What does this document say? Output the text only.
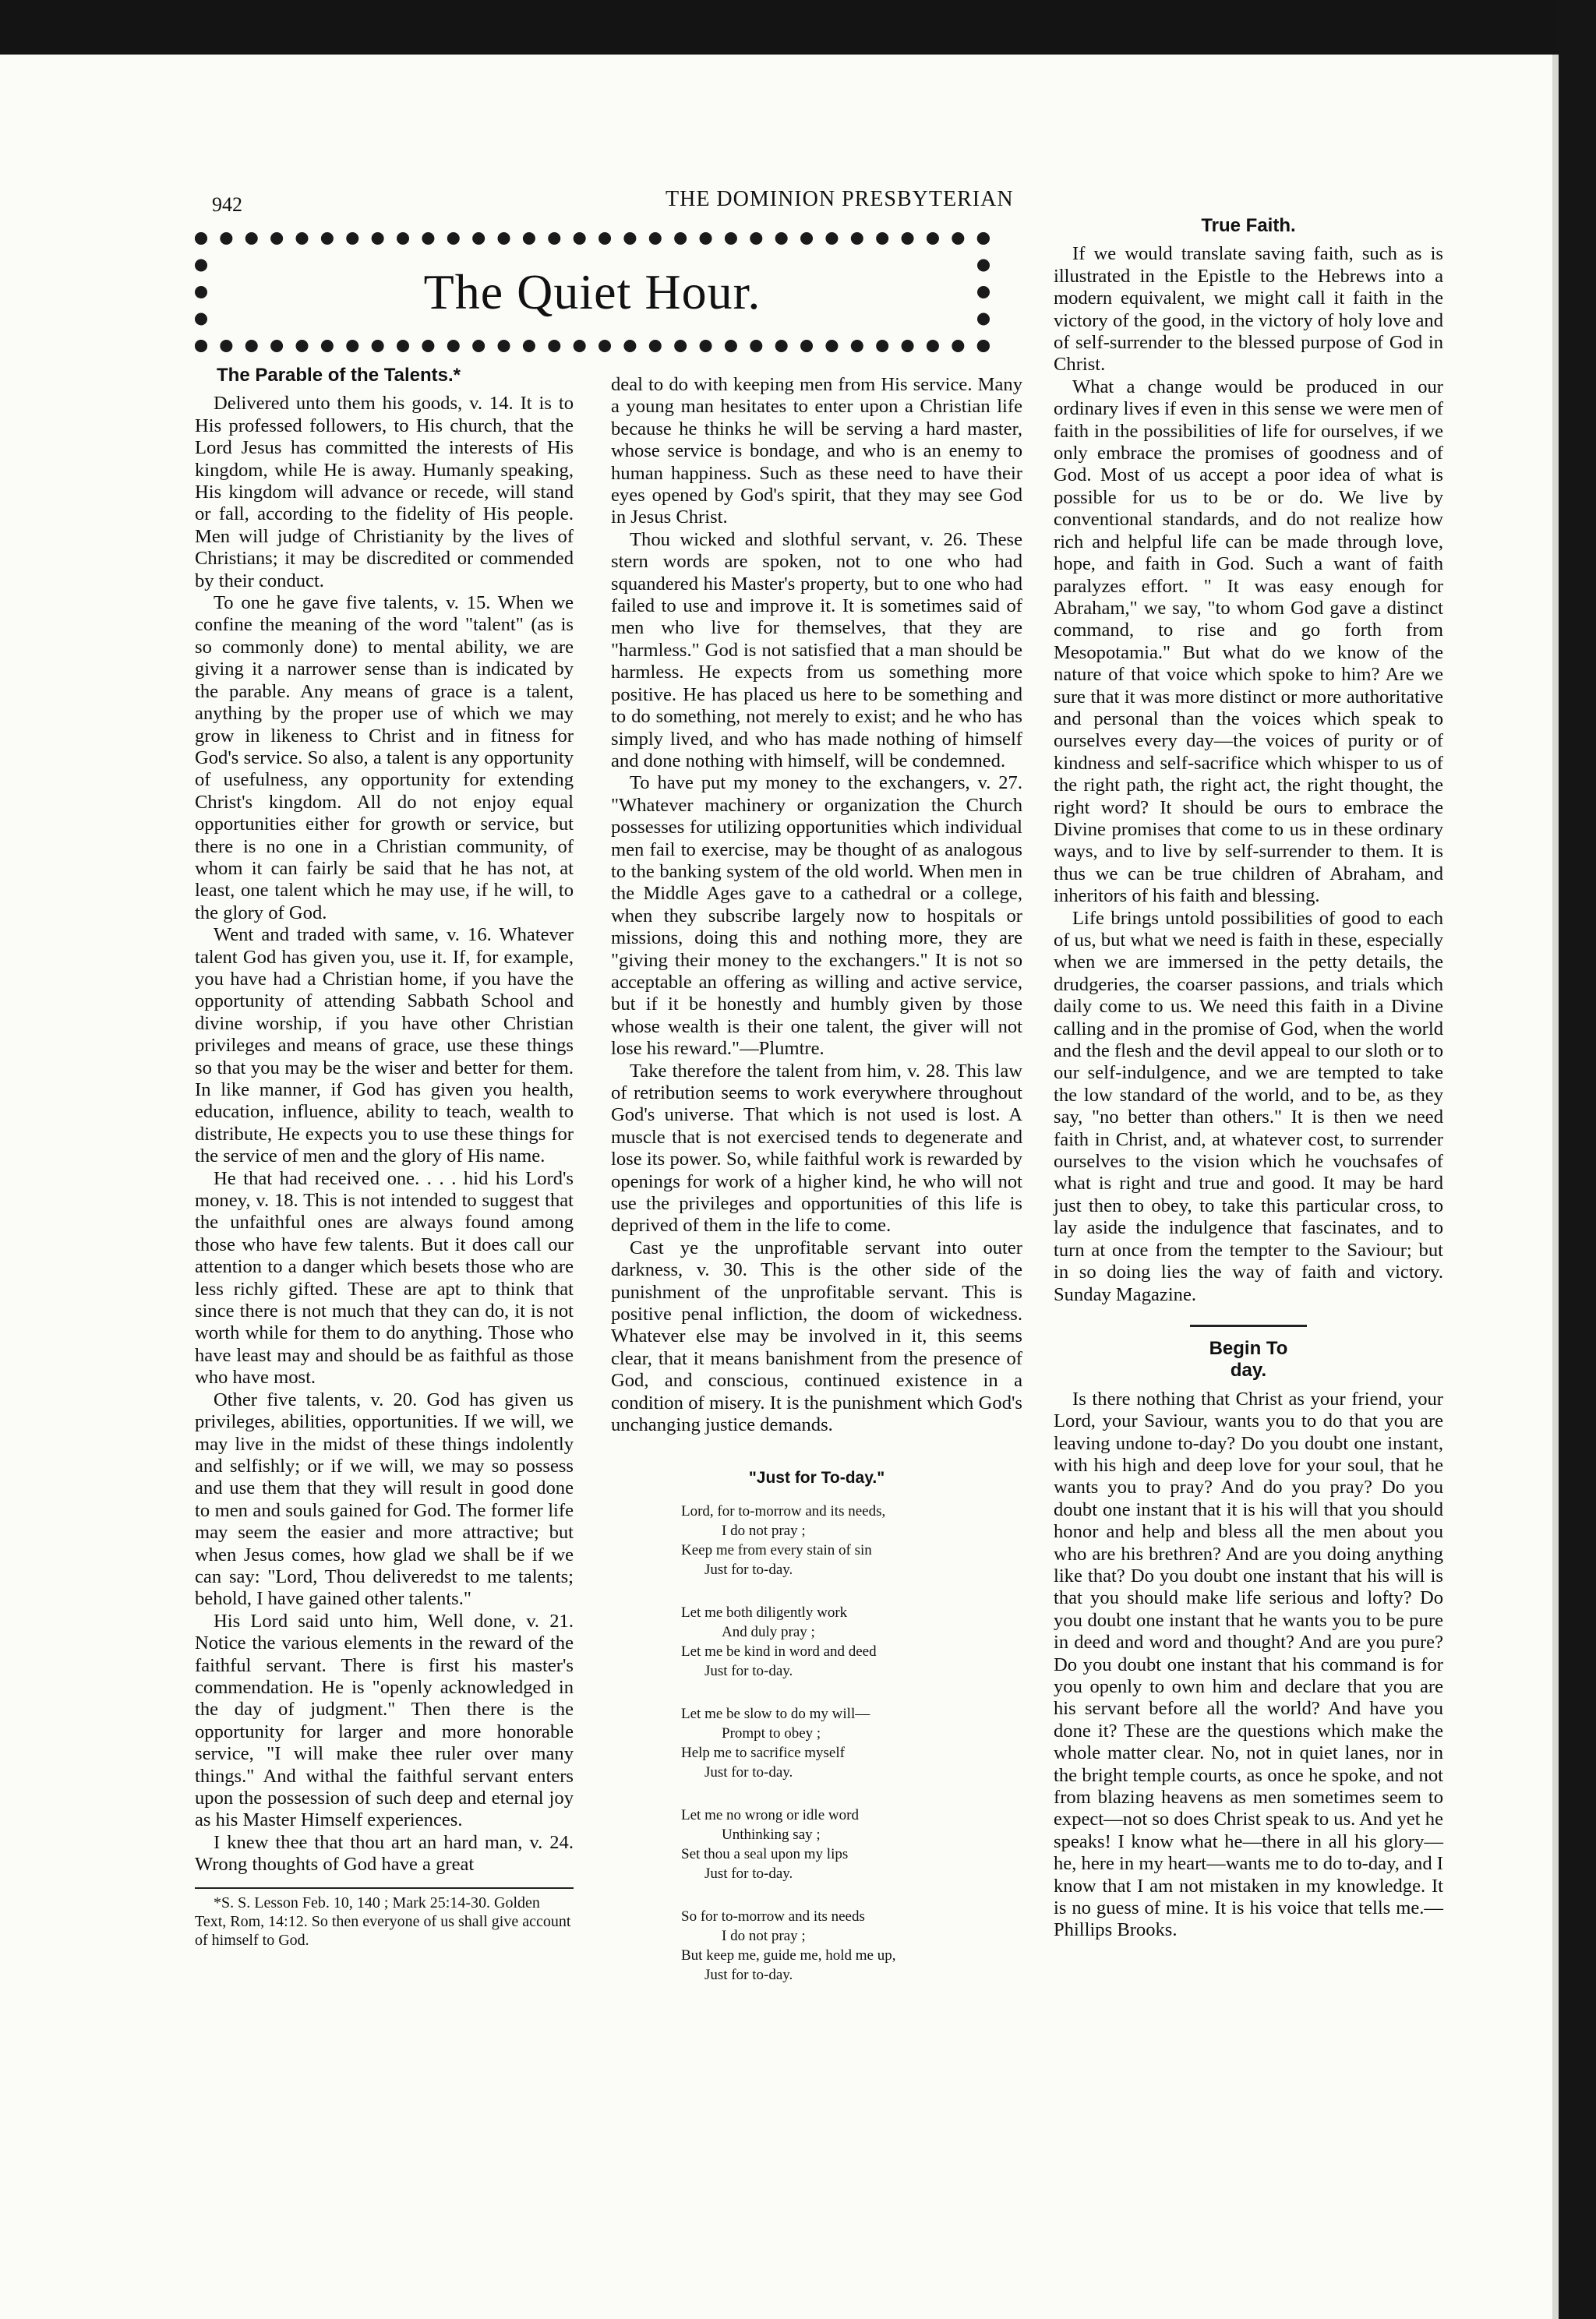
942	THE DOMINION PRESBYTERIAN
The Quiet Hour.
The Parable of the Talents.*

Delivered unto them his goods, v. 14. It is to His professed followers, to His church, that the Lord Jesus has committed the interests of His kingdom, while He is away. Humanly speaking, His kingdom will advance or recede, will stand or fall, according to the fidelity of His people. Men will judge of Christianity by the lives of Christians; it may be discredited or commended by their conduct.

To one he gave five talents, v. 15. When we confine the meaning of the word "talent" (as is so commonly done) to mental ability, we are giving it a narrower sense than is indicated by the parable. Any means of grace is a talent, anything by the proper use of which we may grow in likeness to Christ and in fitness for God's service. So also, a talent is any opportunity of usefulness, any opportunity for extending Christ's kingdom. All do not enjoy equal opportunities either for growth or service, but there is no one in a Christian community, of whom it can fairly be said that he has not, at least, one talent which he may use, if he will, to the glory of God.

Went and traded with same, v. 16. Whatever talent God has given you, use it. If, for example, you have had a Christian home, if you have the opportunity of attending Sabbath School and divine worship, if you have other Christian privileges and means of grace, use these things so that you may be the wiser and better for them. In like manner, if God has given you health, education, influence, ability to teach, wealth to distribute, He expects you to use these things for the service of men and the glory of His name.

He that had received one. . . . hid his Lord's money, v. 18. This is not intended to suggest that the unfaithful ones are always found among those who have few talents. But it does call our attention to a danger which besets those who are less richly gifted. These are apt to think that since there is not much that they can do, it is not worth while for them to do anything. Those who have least may and should be as faithful as those who have most.

Other five talents, v. 20. God has given us privileges, abilities, opportunities. If we will, we may live in the midst of these things indolently and selfishly; or if we will, we may so possess and use them that they will result in good done to men and souls gained for God. The former life may seem the easier and more attractive; but when Jesus comes, how glad we shall be if we can say: "Lord, Thou deliveredst to me talents; behold, I have gained other talents."

His Lord said unto him, Well done, v. 21. Notice the various elements in the reward of the faithful servant. There is first his master's commendation. He is "openly acknowledged in the day of judgment." Then there is the opportunity for larger and more honorable service, "I will make thee ruler over many things." And withal the faithful servant enters upon the possession of such deep and eternal joy as his Master Himself experiences.

I knew thee that thou art an hard man, v. 24. Wrong thoughts of God have a great

*S. S. Lesson Feb. 10, 140 ; Mark 25:14-30. Golden Text, Rom, 14:12. So then everyone of us shall give account of himself to God.

deal to do with keeping men from His service. Many a young man hesitates to enter upon a Christian life because he thinks he will be serving a hard master, whose service is bondage, and who is an enemy to human happiness. Such as these need to have their eyes opened by God's spirit, that they may see God in Jesus Christ.

Thou wicked and slothful servant, v. 26. These stern words are spoken, not to one who had squandered his Master's property, but to one who had failed to use and improve it. It is sometimes said of men who live for themselves, that they are "harmless." God is not satisfied that a man should be harmless. He expects from us something more positive. He has placed us here to be something and to do something, not merely to exist; and he who has simply lived, and who has made nothing of himself and done nothing with himself, will be condemned.

To have put my money to the exchangers, v. 27. "Whatever machinery or organization the Church possesses for utilizing opportunities which individual men fail to exercise, may be thought of as analogous to the banking system of the old world. When men in the Middle Ages gave to a cathedral or a college, when they subscribe largely now to hospitals or missions, doing this and nothing more, they are "giving their money to the exchangers." It is not so acceptable an offering as willing and active service, but if it be honestly and humbly given by those whose wealth is their one talent, the giver will not lose his reward."—Plumtre.

Take therefore the talent from him, v. 28. This law of retribution seems to work everywhere throughout God's universe. That which is not used is lost. A muscle that is not exercised tends to degenerate and lose its power. So, while faithful work is rewarded by openings for work of a higher kind, he who will not use the privileges and opportunities of this life is deprived of them in the life to come.

Cast ye the unprofitable servant into outer darkness, v. 30. This is the other side of the punishment of the unprofitable servant. This is positive penal infliction, the doom of wickedness. Whatever else may be involved in it, this seems clear, that it means banishment from the presence of God, and conscious, continued existence in a condition of misery. It is the punishment which God's unchanging justice demands.

"Just for To-day."
Lord, for to-morrow and its needs,
I do not pray ;
Keep me from every stain of sin
Just for to-day.
Let me both diligently work
And duly pray ;
Let me be kind in word and deed
Just for to-day.
Let me be slow to do my will—
Prompt to obey ;
Help me to sacrifice myself
Just for to-day.
Let me no wrong or idle word
Unthinking say ;
Set thou a seal upon my lips
Just for to-day.
So for to-morrow and its needs
I do not pray ;
But keep me, guide me, hold me up,
Just for to-day.
True Faith.

If we would translate saving faith, such as is illustrated in the Epistle to the Hebrews into a modern equivalent, we might call it faith in the victory of the good, in the victory of holy love and of self-surrender to the blessed purpose of God in Christ.

What a change would be produced in our ordinary lives if even in this sense we were men of faith in the possibilities of life for ourselves, if we only embrace the promises of goodness and of God. Most of us accept a poor idea of what is possible for us to be or do. We live by conventional standards, and do not realize how rich and helpful life can be made through love, hope, and faith in God. Such a want of faith paralyzes effort. " It was easy enough for Abraham," we say, "to whom God gave a distinct command, to rise and go forth from Mesopotamia." But what do we know of the nature of that voice which spoke to him? Are we sure that it was more distinct or more authoritative and personal than the voices which speak to ourselves every day—the voices of purity or of kindness and self-sacrifice which whisper to us of the right path, the right act, the right thought, the right word? It should be ours to embrace the Divine promises that come to us in these ordinary ways, and to live by self-surrender to them. It is thus we can be true children of Abraham, and inheritors of his faith and blessing.

Life brings untold possibilities of good to each of us, but what we need is faith in these, especially when we are immersed in the petty details, the drudgeries, the coarser passions, and trials which daily come to us. We need this faith in a Divine calling and in the promise of God, when the world and the flesh and the devil appeal to our sloth or to our self-indulgence, and we are tempted to take the low standard of the world, and to be, as they say, "no better than others." It is then we need faith in Christ, and, at whatever cost, to surrender ourselves to the vision which he vouchsafes of what is right and true and good. It may be hard just then to obey, to take this particular cross, to lay aside the indulgence that fascinates, and to turn at once from the tempter to the Saviour; but in so doing lies the way of faith and victory. Sunday Magazine.

Begin To day.

Is there nothing that Christ as your friend, your Lord, your Saviour, wants you to do that you are leaving undone to-day? Do you doubt one instant, with his high and deep love for your soul, that he wants you to pray? And do you pray? Do you doubt one instant that it is his will that you should honor and help and bless all the men about you who are his brethren? And are you doing anything like that? Do you doubt one instant that his will is that you should make life serious and lofty? Do you doubt one instant that he wants you to be pure in deed and word and thought? And are you pure? Do you doubt one instant that his command is for you openly to own him and declare that you are his servant before all the world? And have you done it? These are the questions which make the whole matter clear. No, not in quiet lanes, nor in the bright temple courts, as once he spoke, and not from blazing heavens as men sometimes seem to expect—not so does Christ speak to us. And yet he speaks! I know what he—there in all his glory—he, here in my heart—wants me to do to-day, and I know that I am not mistaken in my knowledge. It is no guess of mine. It is his voice that tells me.—Phillips Brooks.
